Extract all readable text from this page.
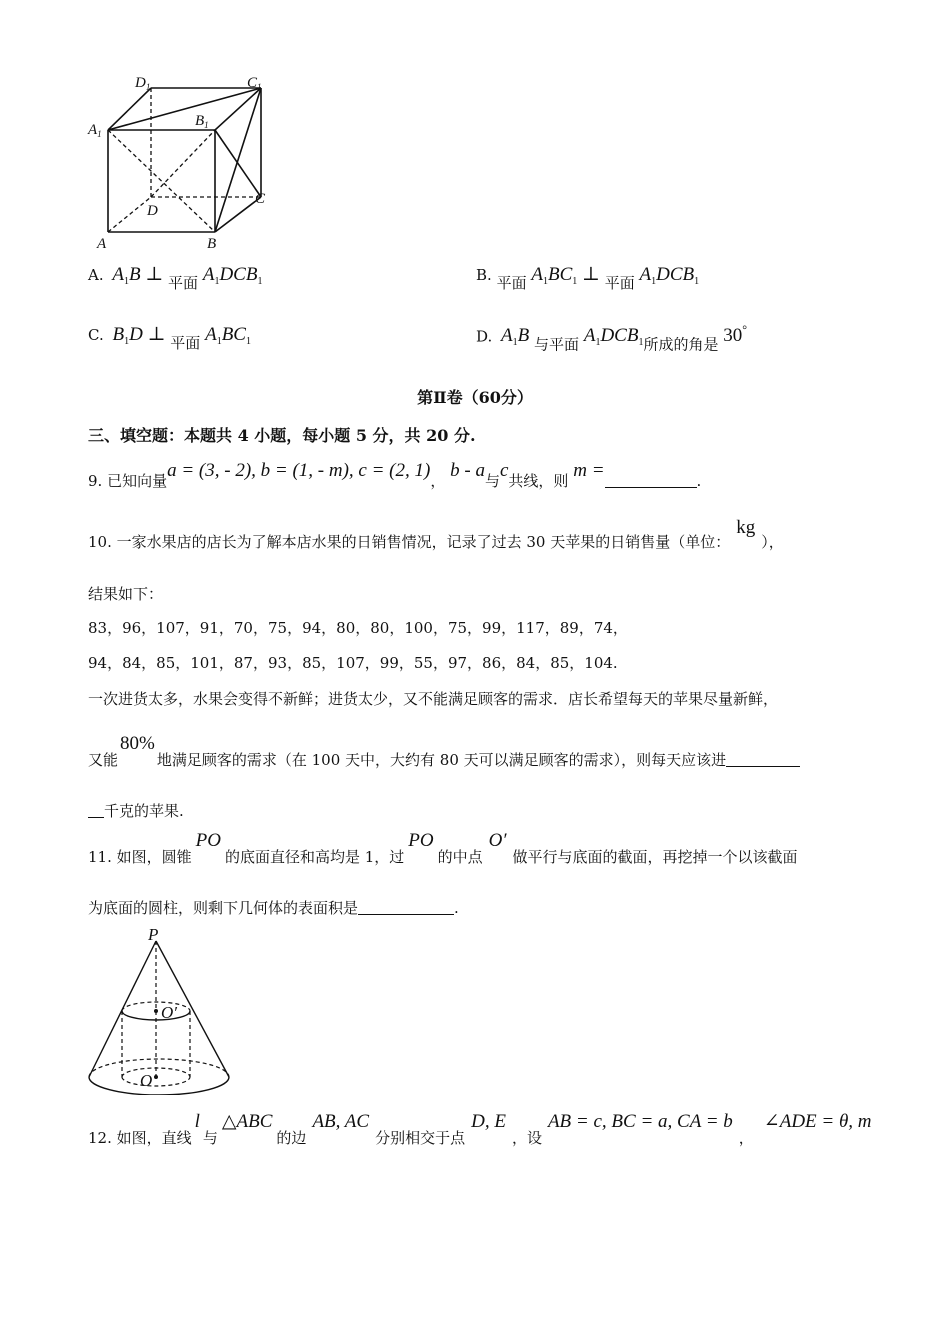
$D_1$	$C_1$
$A_1$
$B_1$
D
C
A	B
A. $A_1B$ ⊥ 平面 $A_1DCB_1$	B. 平面 $A_1BC_1$ ⊥ 平面 $A_1DCB_1$
C. $B_1D$ ⊥ 平面 $A_1BC_1$	D. $A_1B$ 与平面 $A_1DCB_1$所成的角是 30°
第Ⅱ卷（60分）
三、填空题：本题共 4 小题，每小题 5 分，共 20 分.
9. 已知向量a = (3, - 2), b = (1, - m), c = (2, 1)， b - a与c共线，则 m =	.
10. 一家水果店的店长为了解本店水果的日销售情况，记录了过去 30 天苹果的日销售量（单位：kg），
结果如下：
83，96，107，91，70，75，94，80，80，100，75，99，117，89，74，
94，84，85，101，87，93，85，107，99，55，97，86，84，85，104.
一次进货太多，水果会变得不新鲜；进货太少，又不能满足顾客的需求．店长希望每天的苹果尽量新鲜，
又能80%地满足顾客的需求（在 100 天中，大约有 80 天可以满足顾客的需求），则每天应该进
千克的苹果.
11. 如图，圆锥PO的底面直径和高均是 1，过PO的中点O′做平行与底面的截面，再挖掉一个以该截面
为底面的圆柱，则剩下几何体的表面积是	.
P
O′
O
12. 如图，直线l与△ABC的边AB, AC分别相交于点D, E，设AB = c, BC = a, CA = b，∠ADE = θ, m
